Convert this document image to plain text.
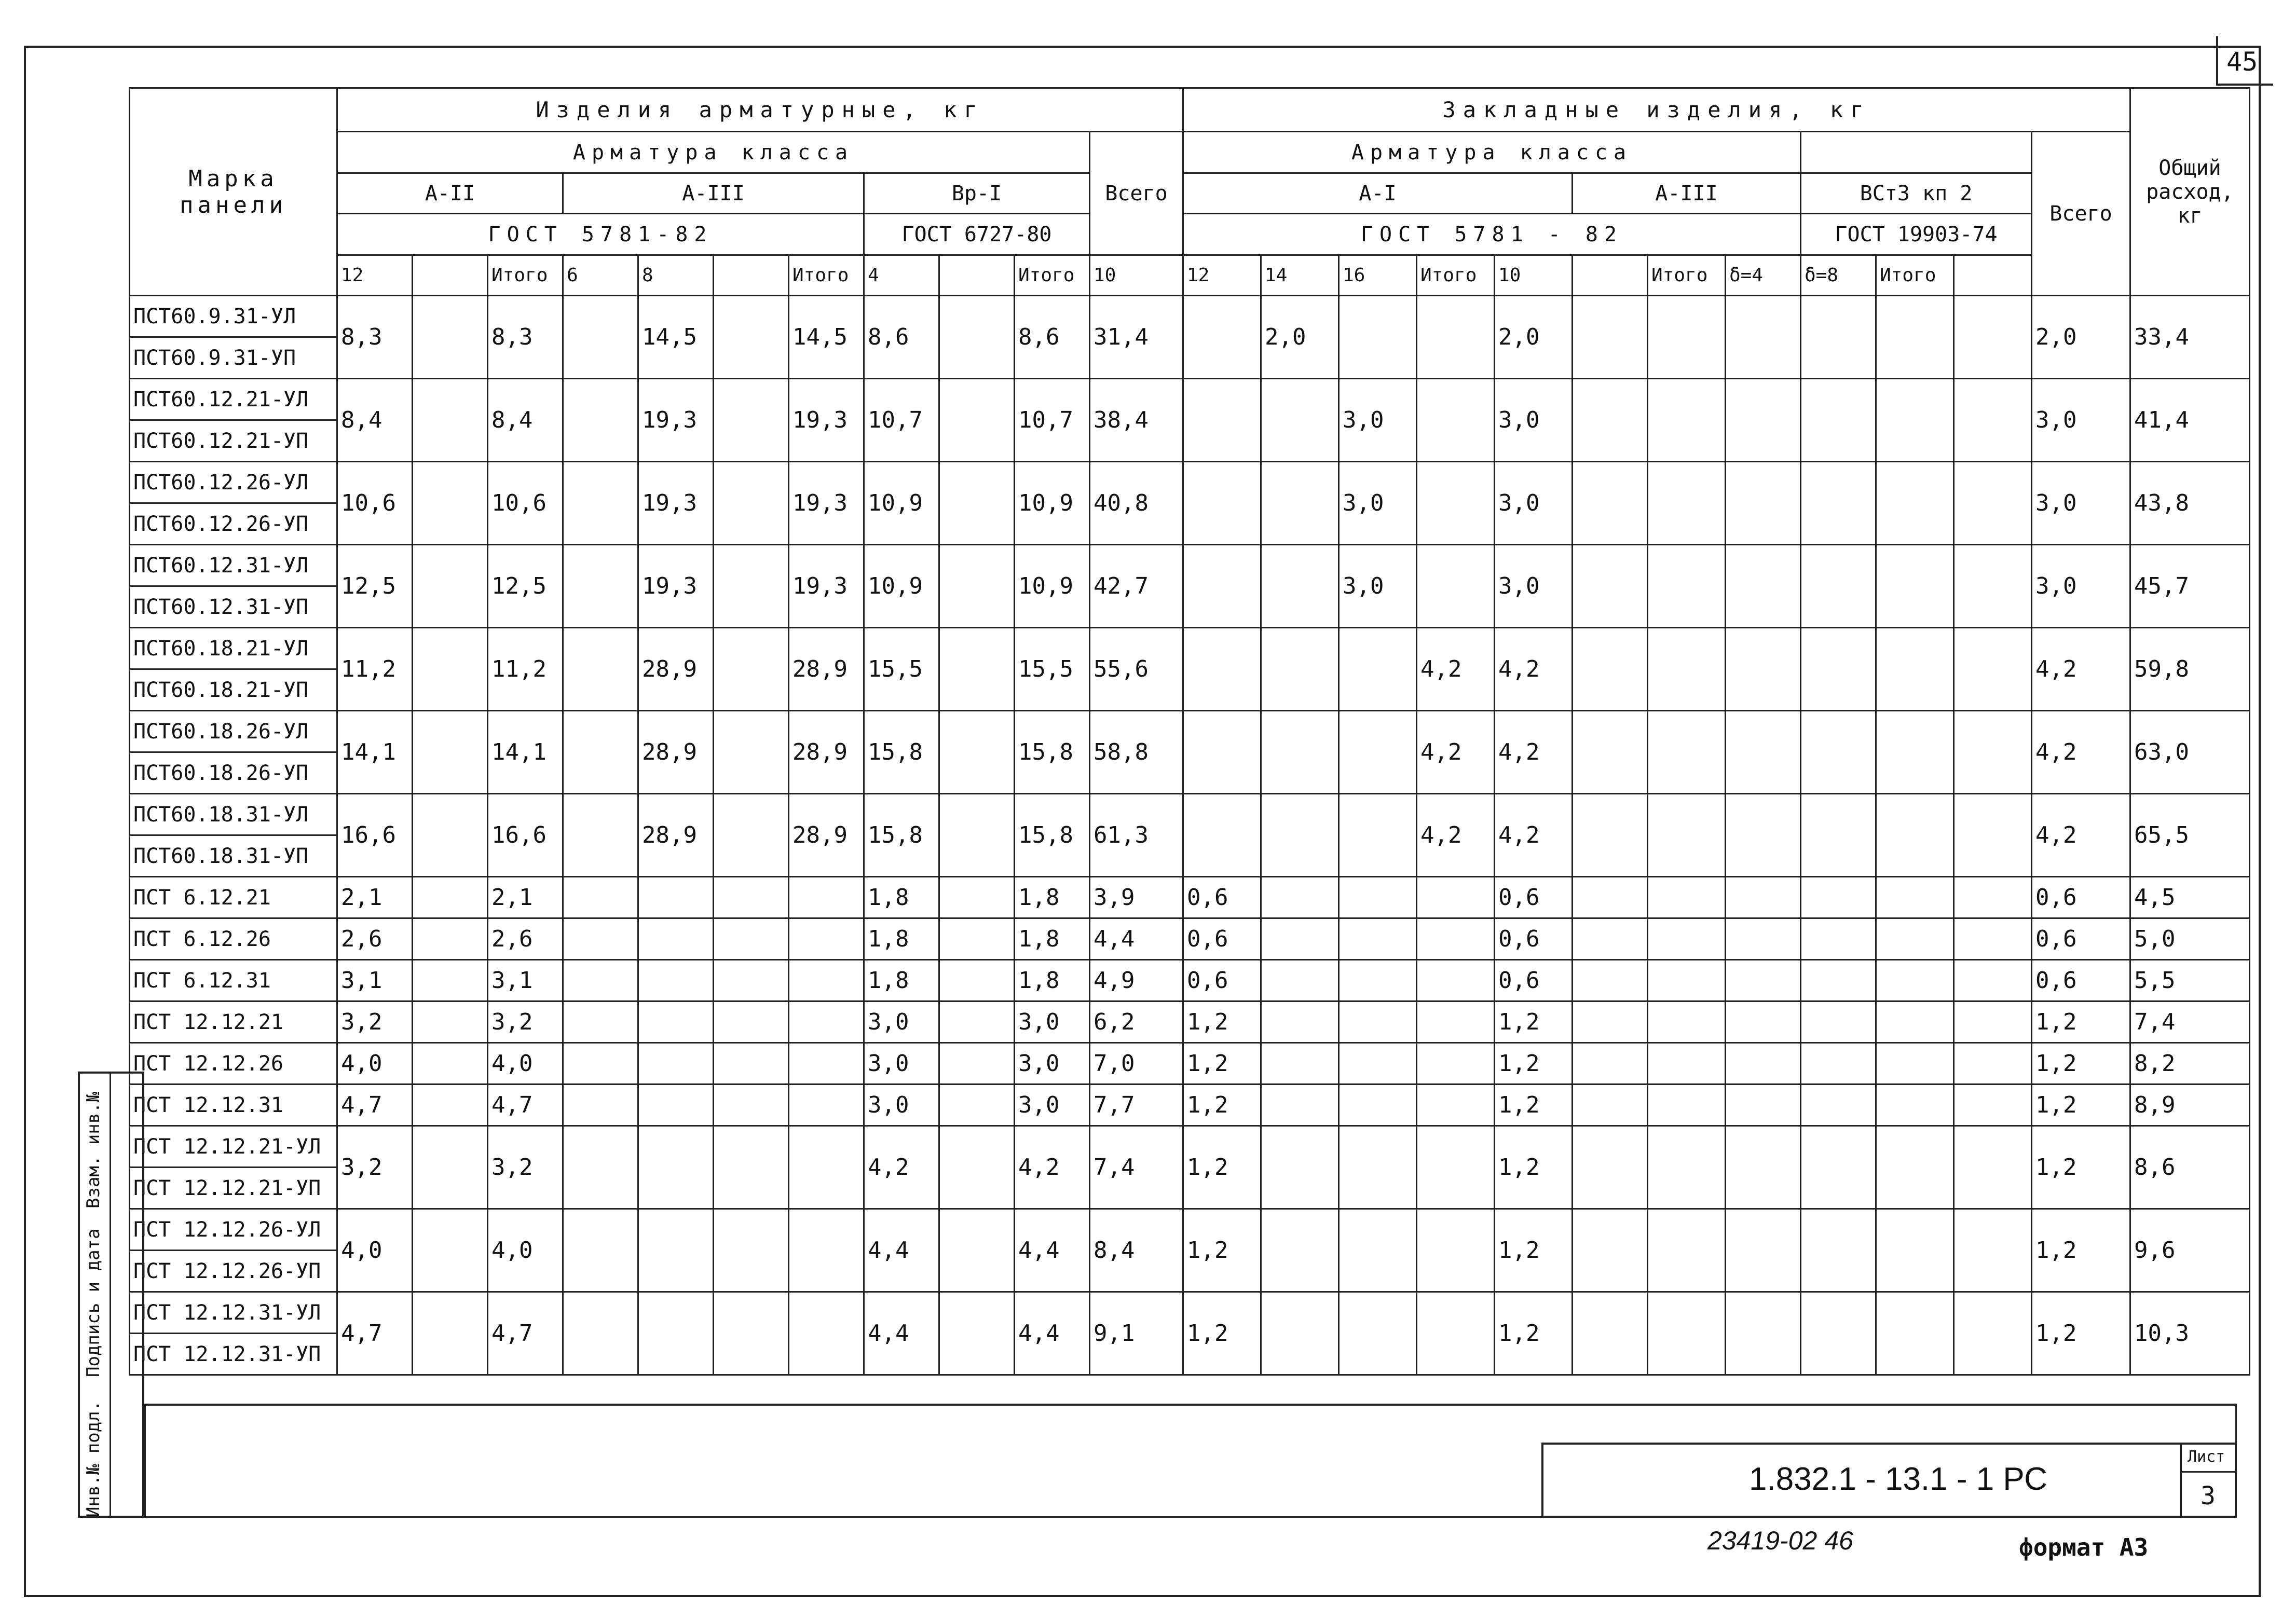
45
Марка панели	Изделия арматурные, кг											Закладные изделия, кг												Общий расход, кг
	Арматура класса										Всего	Арматура класса											Всего	
	А-II			А-III				Вр-I				А-I					А-III			ВСт3 кп 2				
	ГОСТ 5781-82							ГОСТ 6727-80				ГОСТ 5781 - 82								ГОСТ 19903-74				
	12		Итого	6	8		Итого	4		Итого	10	12	14	16	Итого	10		Итого	δ=4	δ=8	Итого			
ПСТ60.9.31-УЛ	8,3		8,3		14,5		14,5	8,6		8,6	31,4		2,0			2,0							2,0	33,4
ПСТ60.9.31-УП																								
ПСТ60.12.21-УЛ	8,4		8,4		19,3		19,3	10,7		10,7	38,4			3,0		3,0							3,0	41,4
ПСТ60.12.21-УП																								
ПСТ60.12.26-УЛ	10,6		10,6		19,3		19,3	10,9		10,9	40,8			3,0		3,0							3,0	43,8
ПСТ60.12.26-УП																								
ПСТ60.12.31-УЛ	12,5		12,5		19,3		19,3	10,9		10,9	42,7			3,0		3,0							3,0	45,7
ПСТ60.12.31-УП																								
ПСТ60.18.21-УЛ	11,2		11,2		28,9		28,9	15,5		15,5	55,6				4,2	4,2							4,2	59,8
ПСТ60.18.21-УП																								
ПСТ60.18.26-УЛ	14,1		14,1		28,9		28,9	15,8		15,8	58,8				4,2	4,2							4,2	63,0
ПСТ60.18.26-УП																								
ПСТ60.18.31-УЛ	16,6		16,6		28,9		28,9	15,8		15,8	61,3				4,2	4,2							4,2	65,5
ПСТ60.18.31-УП																								
ПСТ 6.12.21	2,1		2,1					1,8		1,8	3,9	0,6				0,6							0,6	4,5
ПСТ 6.12.26	2,6		2,6					1,8		1,8	4,4	0,6				0,6							0,6	5,0
ПСТ 6.12.31	3,1		3,1					1,8		1,8	4,9	0,6				0,6							0,6	5,5
ПСТ 12.12.21	3,2		3,2					3,0		3,0	6,2	1,2				1,2							1,2	7,4
ПСТ 12.12.26	4,0		4,0					3,0		3,0	7,0	1,2				1,2							1,2	8,2
ПСТ 12.12.31	4,7		4,7					3,0		3,0	7,7	1,2				1,2							1,2	8,9
ПСТ 12.12.21-УЛ	3,2		3,2					4,2		4,2	7,4	1,2				1,2							1,2	8,6
ПСТ 12.12.21-УП																								
ПСТ 12.12.26-УЛ	4,0		4,0					4,4		4,4	8,4	1,2				1,2							1,2	9,6
ПСТ 12.12.26-УП																								
ПСТ 12.12.31-УЛ	4,7		4,7					4,4		4,4	9,1	1,2				1,2							1,2	10,3
ПСТ 12.12.31-УП																								
Инв.№ подл.
Подпись и дата
Взам. инв.№
1.832.1 - 13.1 - 1 РС
Лист
3
23419-02 46	формат А3
